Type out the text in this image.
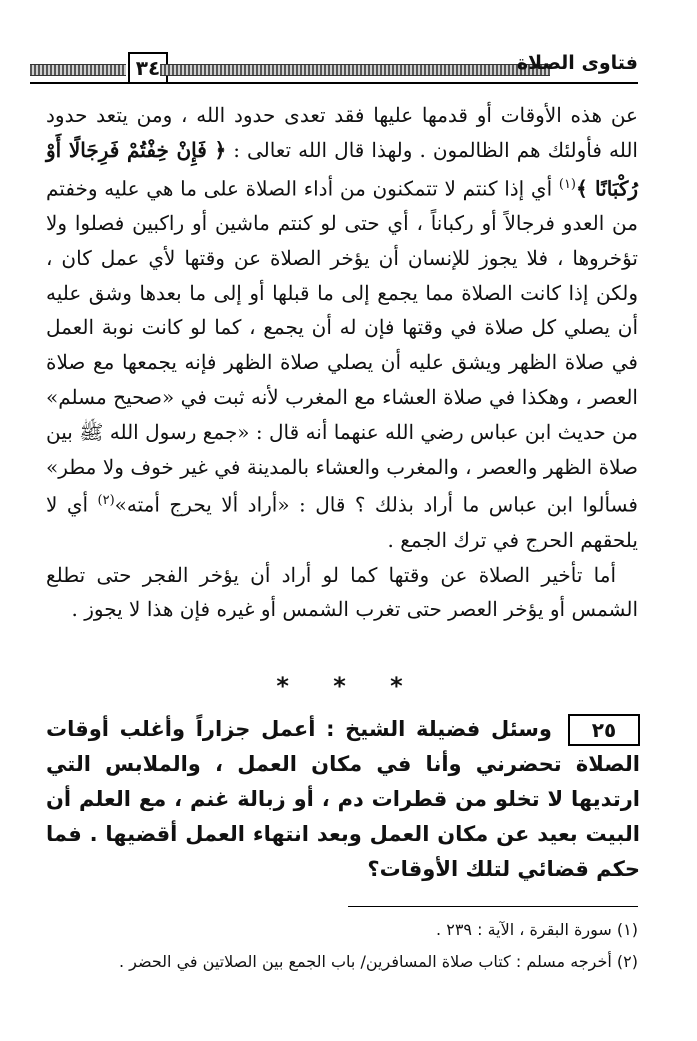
٣٤	فتاوى الصلاة

عن هذه الأوقات أو قدمها عليها فقد تعدى حدود الله ، ومن يتعد حدود الله فأولئك هم الظالمون . ولهذا قال الله تعالى : ﴿ فَإِنْ خِفْتُمْ فَرِجَالًا أَوْ رُكْبَانًا ﴾$^{(١)}$ أي إذا كنتم لا تتمكنون من أداء الصلاة على ما هي عليه وخفتم من العدو فرجالاً أو ركباناً ، أي حتى لو كنتم ماشين أو راكبين فصلوا ولا تؤخروها ، فلا يجوز للإنسان أن يؤخر الصلاة عن وقتها لأي عمل كان ، ولكن إذا كانت الصلاة مما يجمع إلى ما قبلها أو إلى ما بعدها وشق عليه أن يصلي كل صلاة في وقتها فإن له أن يجمع ، كما لو كانت نوبة العمل في صلاة الظهر ويشق عليه أن يصلي صلاة الظهر فإنه يجمعها مع صلاة العصر ، وهكذا في صلاة العشاء مع المغرب لأنه ثبت في «صحيح مسلم» من حديث ابن عباس رضي الله عنهما أنه قال : «جمع رسول الله ﷺ بين صلاة الظهر والعصر ، والمغرب والعشاء بالمدينة في غير خوف ولا مطر» فسألوا ابن عباس ما أراد بذلك ؟ قال : «أراد ألا يحرج أمته»$^{(٢)}$ أي لا يلحقهم الحرج في ترك الجمع .

أما تأخير الصلاة عن وقتها كما لو أراد أن يؤخر الفجر حتى تطلع الشمس أو يؤخر العصر حتى تغرب الشمس أو غيره فإن هذا لا يجوز .

* * *
٢٥وسئل فضيلة الشيخ : أعمل جزاراً وأغلب أوقات الصلاة تحضرني وأنا في مكان العمل ، والملابس التي ارتديها لا تخلو من قطرات دم ، أو زبالة غنم ، مع العلم أن البيت بعيد عن مكان العمل وبعد انتهاء العمل أقضيها . فما حكم قضائي لتلك الأوقات؟

(١) سورة البقرة ، الآية : ٢٣٩ .

(٢) أخرجه مسلم : كتاب صلاة المسافرين/ باب الجمع بين الصلاتين في الحضر .
